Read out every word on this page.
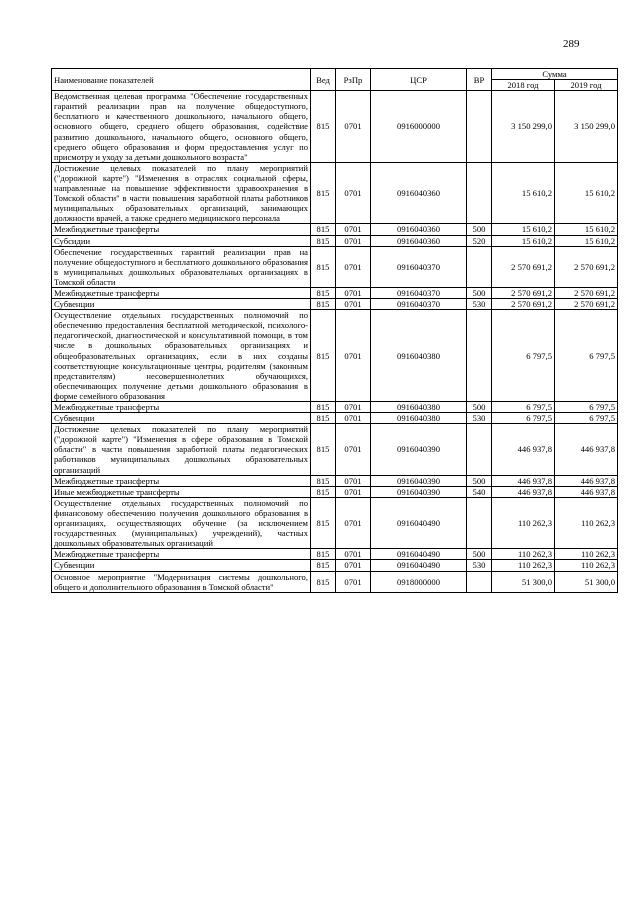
289
Наименование показателей	Вед	РзПр	ЦСР	ВР	Сумма	
					2018 год	2019 год
Ведомственная целевая программа "Обеспечение государственных гарантий реализации прав на получение общедоступного, бесплатного и качественного дошкольного, начального общего, основного общего, среднего общего образования, содействие развитию дошкольного, начального общего, основного общего, среднего общего образования и форм предоставления услуг по присмотру и уходу за детьми дошкольного возраста"	815	0701	0916000000		3 150 299,0	3 150 299,0
Достижение целевых показателей по плану мероприятий ("дорожной карте") "Изменения в отраслях социальной сферы, направленные на повышение эффективности здравоохранения в Томской области" в части повышения заработной платы работников муниципальных образовательных организаций, занимающих должности врачей, а также среднего медицинского персонала	815	0701	0916040360		15 610,2	15 610,2
Межбюджетные трансферты	815	0701	0916040360	500	15 610,2	15 610,2
Субсидии	815	0701	0916040360	520	15 610,2	15 610,2
Обеспечение государственных гарантий реализации прав на получение общедоступного и бесплатного дошкольного образования в муниципальных дошкольных образовательных организациях в Томской области	815	0701	0916040370		2 570 691,2	2 570 691,2
Межбюджетные трансферты	815	0701	0916040370	500	2 570 691,2	2 570 691,2
Субвенции	815	0701	0916040370	530	2 570 691,2	2 570 691,2
Осуществление отдельных государственных полномочий по обеспечению предоставления бесплатной методической, психолого-педагогической, диагностической и консультативной помощи, в том числе в дошкольных образовательных организациях и общеобразовательных организациях, если в них созданы соответствующие консультационные центры, родителям (законным представителям) несовершеннолетних обучающихся, обеспечивающих получение детьми дошкольного образования в форме семейного образования	815	0701	0916040380		6 797,5	6 797,5
Межбюджетные трансферты	815	0701	0916040380	500	6 797,5	6 797,5
Субвенции	815	0701	0916040380	530	6 797,5	6 797,5
Достижение целевых показателей по плану мероприятий ("дорожной карте") "Изменения в сфере образования в Томской области" в части повышения заработной платы педагогических работников муниципальных дошкольных образовательных организаций	815	0701	0916040390		446 937,8	446 937,8
Межбюджетные трансферты	815	0701	0916040390	500	446 937,8	446 937,8
Иные межбюджетные трансферты	815	0701	0916040390	540	446 937,8	446 937,8
Осуществление отдельных государственных полномочий по финансовому обеспечению получения дошкольного образования в организациях, осуществляющих обучение (за исключением государственных (муниципальных) учреждений), частных дошкольных образовательных организаций	815	0701	0916040490		110 262,3	110 262,3
Межбюджетные трансферты	815	0701	0916040490	500	110 262,3	110 262,3
Субвенции	815	0701	0916040490	530	110 262,3	110 262,3
Основное мероприятие "Модернизация системы дошкольного, общего и дополнительного образования в Томской области"	815	0701	0918000000		51 300,0	51 300,0
